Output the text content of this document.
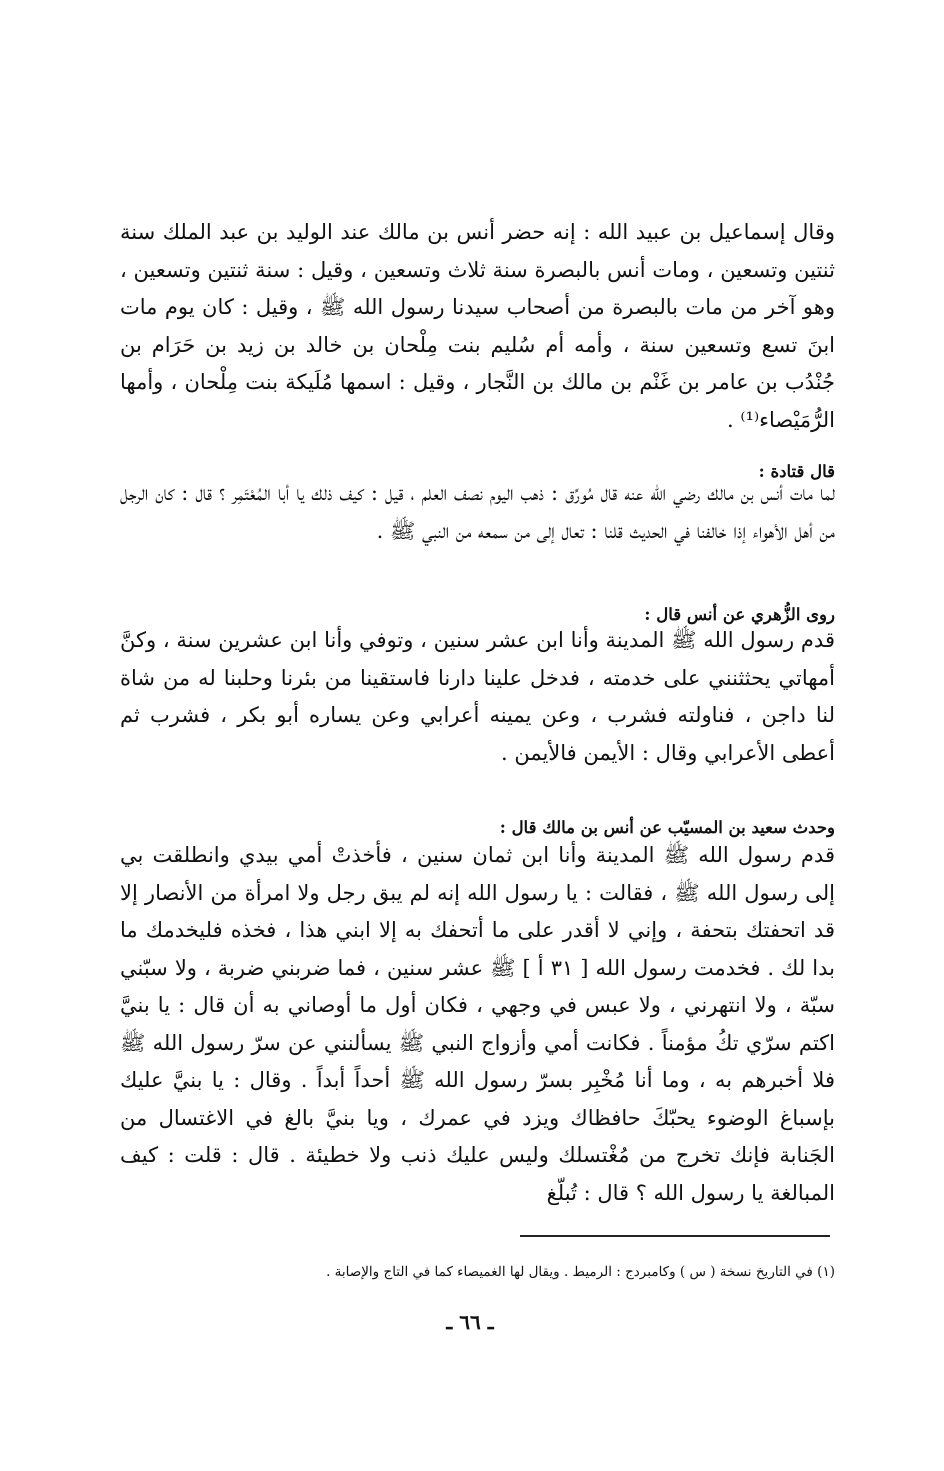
وقال إسماعيل بن عبيد الله : إنه حضر أنس بن مالك عند الوليد بن عبد الملك سنة ثنتين وتسعين ، ومات أنس بالبصرة سنة ثلاث وتسعين ، وقيل : سنة ثنتين وتسعين ، وهو آخر من مات بالبصرة من أصحاب سيدنا رسول الله ﷺ ، وقيل : كان يوم مات ابنَ تسع وتسعين سنة ، وأمه أم سُليم بنت مِلْحان بن خالد بن زيد بن حَرَام بن جُنْدُب بن عامر بن غَنْم بن مالك بن النَّجار ، وقيل : اسمها مُلَيكة بنت مِلْحان ، وأمها الرُّمَيْصاء⁽¹⁾ .

قال قتادة :

لما مات أنس بن مالك رضي الله عنه قال مُورِّق : ذهب اليوم نصف العلم ، قيل : كيف ذلك يا أبا المُعْتَمِر ؟ قال : كان الرجل من أهل الأهواء إذا خالفنا في الحديث قلنا : تعال إلى من سمعه من النبي ﷺ .

روى الزُّهري عن أنس قال :

قدم رسول الله ﷺ المدينة وأنا ابن عشر سنين ، وتوفي وأنا ابن عشرين سنة ، وكنَّ أمهاتي يحثثنني على خدمته ، فدخل علينا دارنا فاستقينا من بئرنا وحلبنا له من شاة لنا داجن ، فناولته فشرب ، وعن يمينه أعرابي وعن يساره أبو بكر ، فشرب ثم أعطى الأعرابي وقال : الأيمن فالأيمن .

وحدث سعيد بن المسيّب عن أنس بن مالك قال :

قدم رسول الله ﷺ المدينة وأنا ابن ثمان سنين ، فأخذتْ أمي بيدي وانطلقت بي إلى رسول الله ﷺ ، فقالت : يا رسول الله إنه لم يبق رجل ولا امرأة من الأنصار إلا قد اتحفتك بتحفة ، وإني لا أقدر على ما أتحفك به إلا ابني هذا ، فخذه فليخدمك ما بدا لك . فخدمت رسول الله [ ٣١ أ ] ﷺ عشر سنين ، فما ضربني ضربة ، ولا سبّني سبّة ، ولا انتهرني ، ولا عبس في وجهي ، فكان أول ما أوصاني به أن قال : يا بنيَّ اكتم سرّي تكُ مؤمناً . فكانت أمي وأزواج النبي ﷺ يسألنني عن سرّ رسول الله ﷺ فلا أخبرهم به ، وما أنا مُخْبِر بسرّ رسول الله ﷺ أحداً أبداً . وقال : يا بنيَّ عليك بإسباغ الوضوء يحبّكَ حافظاك ويزد في عمرك ، ويا بنيَّ بالغ في الاغتسال من الجَنابة فإنك تخرج من مُغْتسلك وليس عليك ذنب ولا خطيئة . قال : قلت : كيف المبالغة يا رسول الله ؟ قال : تُبلّغ

(١) في التاريخ نسخة ( س ) وكامبردج : الرميط . ويقال لها الغميصاء كما في التاج والإصابة .
ـ ٦٦ ـ
